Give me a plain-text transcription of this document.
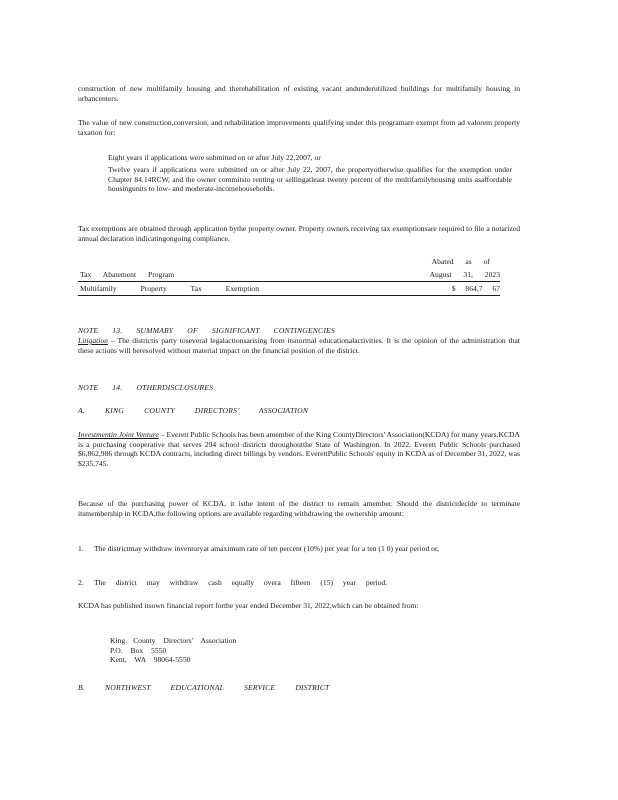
construction of new multifamily housing and therehabilitation of existing vacant andunderutilized buildings for multifamily housing in urbancenters.

The value of new construction,conversion, and rehabilitation improvements qualifying under this programare exempt from ad valorem property taxation for:

Eight years if applications were submitted on or after July 22,2007, or
Twelve years if applications were submitted on or after July 22, 2007, the propertyotherwise qualifies for the exemption under Chapter 84.14RCW, and the owner commitsto renting or sellingatleast twenty percent of the multifamilyhousing units asaffordable housingunits to low- and moderate-incomehouseholds.

Tax exemptions are obtained through application bythe property owner. Property owners receiving tax exemptionsare required to file a notarized annual declaration indicatingongoing compliance.

Abated as of
Tax Abatement Program	August 31, 2023
Multifamily Property Tax Exemption	$ 864,7 67
NOTE 13. SUMMARY OF SIGNIFICANT CONTINGENCIES

Litigation – The districtis party toseveral legalactionsarising from itsnormal educationalactivities. It is the opinion of the administration that these actions will beresolved without material impact on the financial position of the district.

NOTE 14. OTHERDISCLOSURES
A. KING COUNTY DIRECTORS’ ASSOCIATION

Investmentin Joint Venture – Everett Public Schools has been amember of the King CountyDirectors' Association(KCDA) for many years.KCDA is a purchasing cooperative that serves 294 school districts throughoutthe State of Washington. In 2022, Everett Public Schools purchased $6,862,986 through KCDA contracts, including direct billings by vendors. EverettPublic Schools' equity in KCDA as of December 31, 2022, was $235,745.

Because of the purchasing power of KCDA, it isthe intent of the district to remain amember. Should the districtdecide to terminate itsmembership in KCDA,the following options are available regarding withdrawing the ownership amount:

1. The districtmay withdraw inventoryat amaximum rate of ten percent (10%) per year for a ten (1 0) year period or,
2. The district may withdraw cash equally overa fifteen (15) year period.

KCDA has published itsown financial report forthe year ended December 31, 2022,which can be obtained from:

King County Directors' Association
P.O. Box 5550
Kent, WA 98064-5550
B. NORTHWEST EDUCATIONAL SERVICE DISTRICT
